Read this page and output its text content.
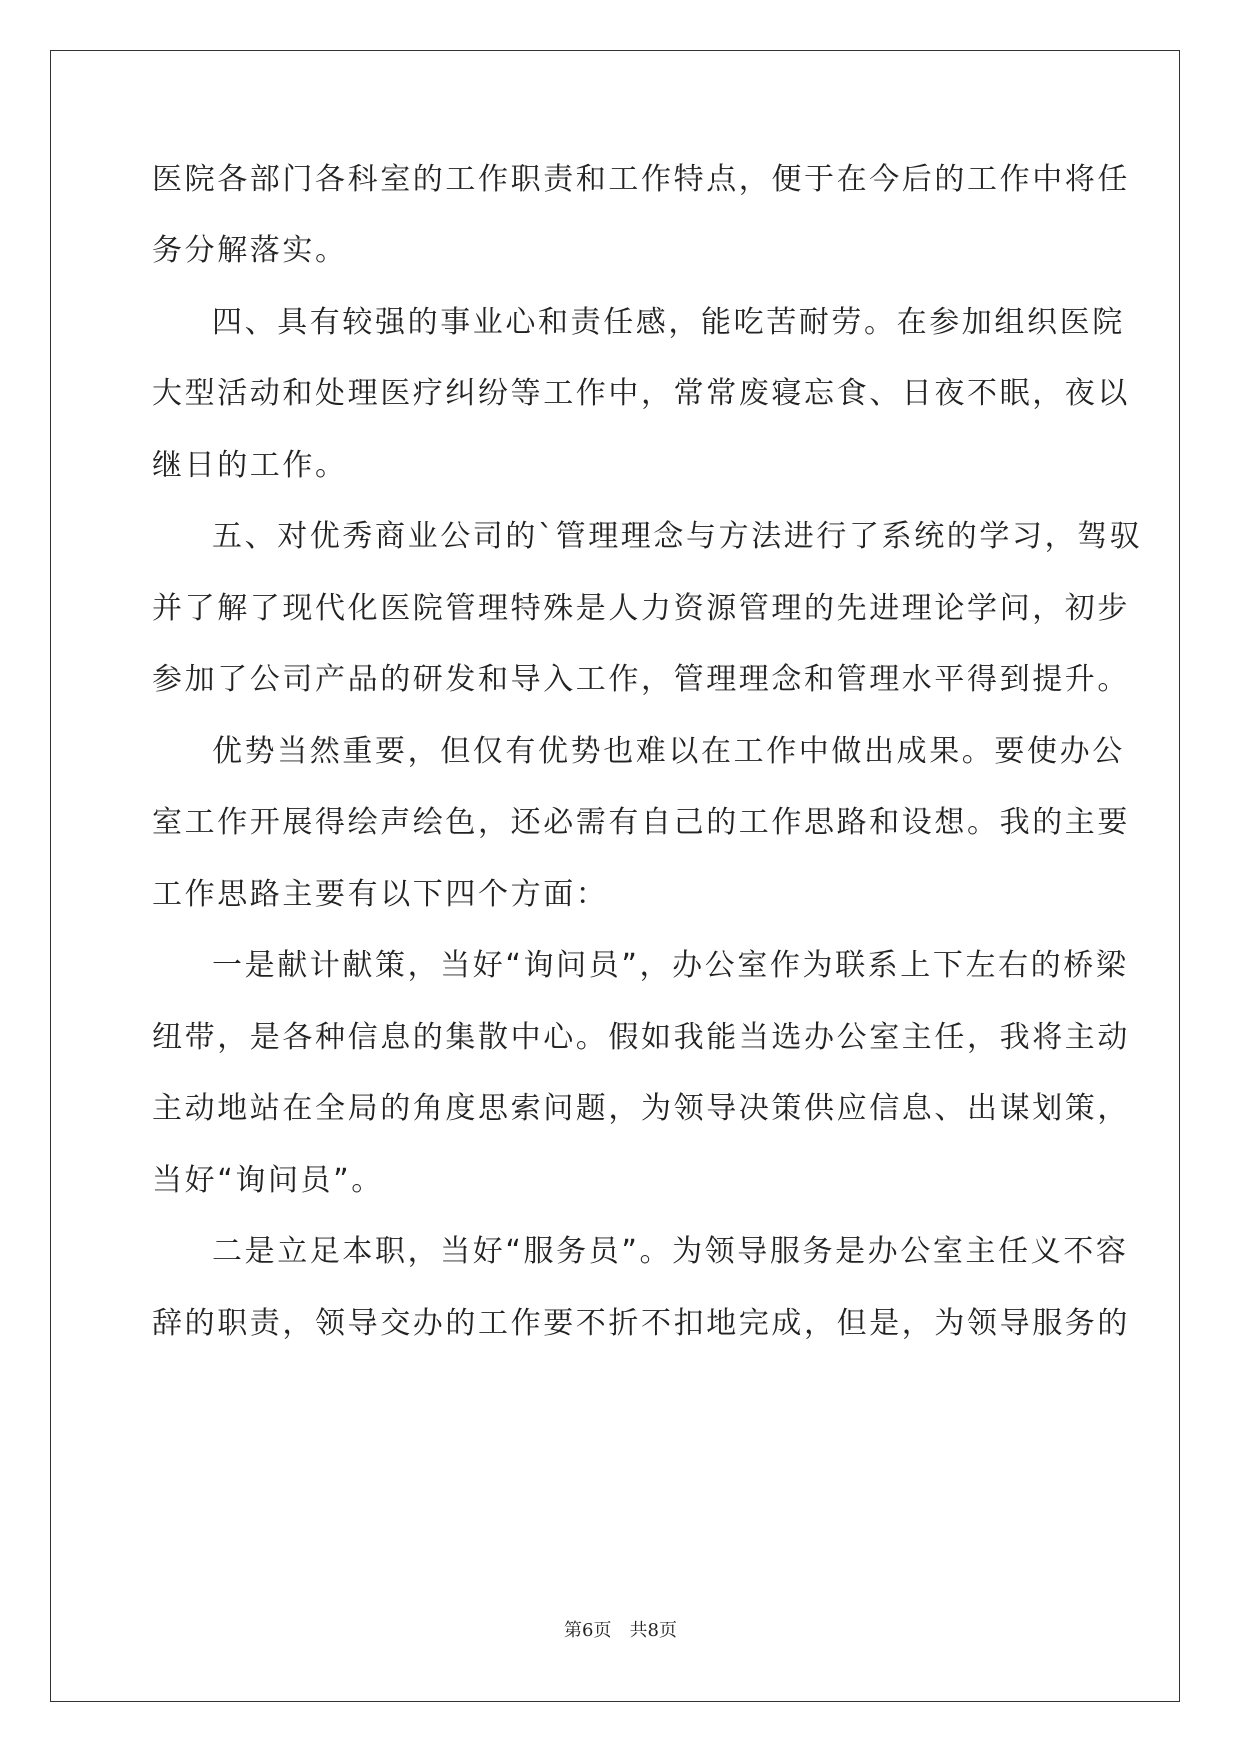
医院各部门各科室的工作职责和工作特点，便于在今后的工作中将任
务分解落实。
四、具有较强的事业心和责任感，能吃苦耐劳。在参加组织医院
大型活动和处理医疗纠纷等工作中，常常废寝忘食、日夜不眠，夜以
继日的工作。
五、对优秀商业公司的`管理理念与方法进行了系统的学习，驾驭
并了解了现代化医院管理特殊是人力资源管理的先进理论学问，初步
参加了公司产品的研发和导入工作，管理理念和管理水平得到提升。
优势当然重要，但仅有优势也难以在工作中做出成果。要使办公
室工作开展得绘声绘色，还必需有自己的工作思路和设想。我的主要
工作思路主要有以下四个方面：
一是献计献策，当好“询问员”，办公室作为联系上下左右的桥梁
纽带，是各种信息的集散中心。假如我能当选办公室主任，我将主动
主动地站在全局的角度思索问题，为领导决策供应信息、出谋划策，
当好“询问员”。
二是立足本职，当好“服务员”。为领导服务是办公室主任义不容
辞的职责，领导交办的工作要不折不扣地完成，但是，为领导服务的
第6页　共8页
